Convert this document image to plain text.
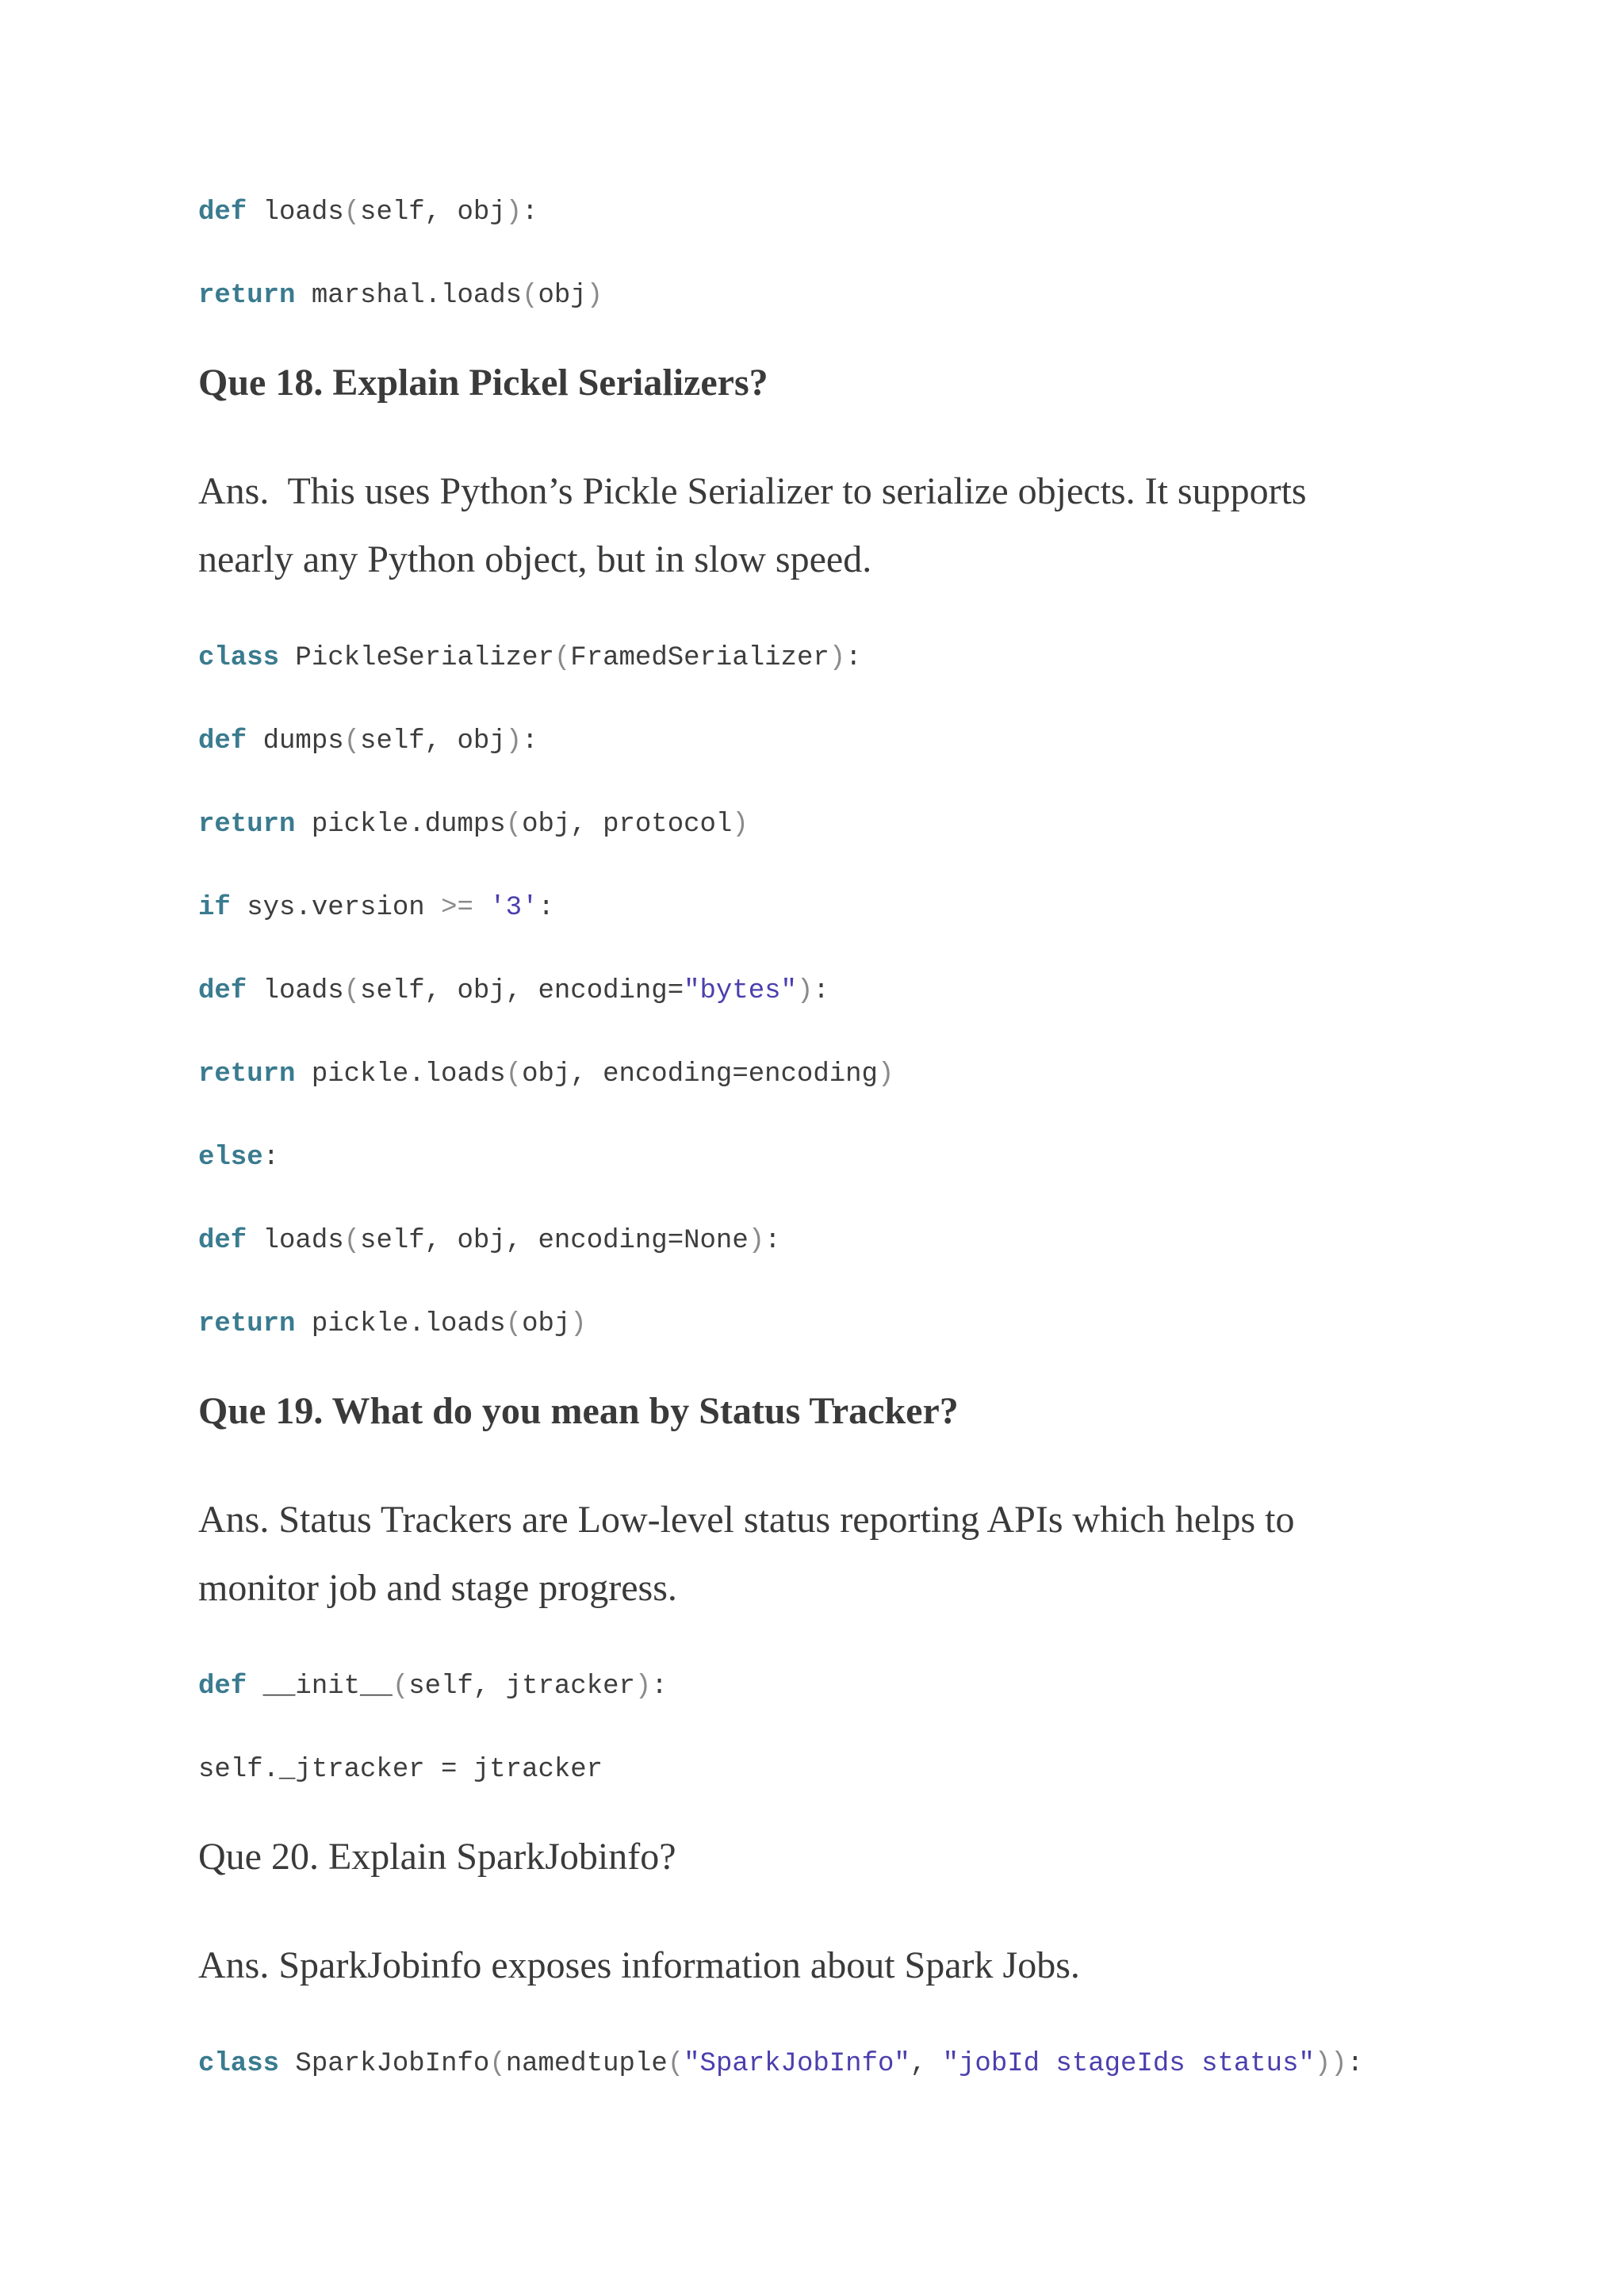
def loads(self, obj):
return marshal.loads(obj)
Que 18. Explain Pickel Serializers?
Ans.  This uses Python’s Pickle Serializer to serialize objects. It supports
nearly any Python object, but in slow speed.
class PickleSerializer(FramedSerializer):
def dumps(self, obj):
return pickle.dumps(obj, protocol)
if sys.version >= '3':
def loads(self, obj, encoding="bytes"):
return pickle.loads(obj, encoding=encoding)
else:
def loads(self, obj, encoding=None):
return pickle.loads(obj)
Que 19. What do you mean by Status Tracker?
Ans. Status Trackers are Low-level status reporting APIs which helps to
monitor job and stage progress.
def __init__(self, jtracker):
self._jtracker = jtracker
Que 20. Explain SparkJobinfo?
Ans. SparkJobinfo exposes information about Spark Jobs.
class SparkJobInfo(namedtuple("SparkJobInfo", "jobId stageIds status")):
